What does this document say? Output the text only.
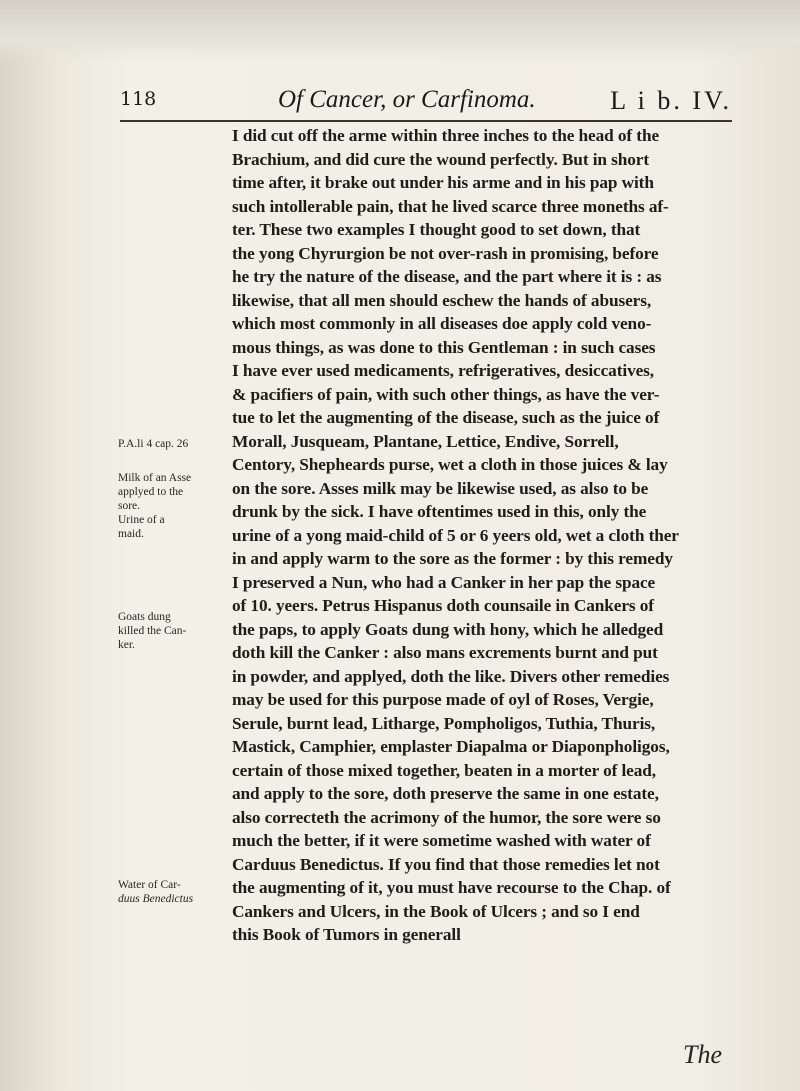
118	Of Cancer, or Carfinoma.	L i b. IV.
I did cut off the arme within three inches to the head of the
Brachium, and did cure the wound perfectly. But in short
time after, it brake out under his arme and in his pap with
such intollerable pain, that he lived scarce three moneths af-
ter. These two examples I thought good to set down, that
the yong Chyrurgion be not over-rash in promising, before
he try the nature of the disease, and the part where it is : as
likewise, that all men should eschew the hands of abusers,
which most commonly in all diseases doe apply cold veno-
mous things, as was done to this Gentleman : in such cases
I have ever used medicaments, refrigeratives, desiccatives,
& pacifiers of pain, with such other things, as have the ver-
tue to let the augmenting of the disease, such as the juice of
Morall, Jusqueam, Plantane, Lettice, Endive, Sorrell,
Centory, Shepheards purse, wet a cloth in those juices & lay
on the sore. Asses milk may be likewise used, as also to be
drunk by the sick. I have oftentimes used in this, only the
urine of a yong maid-child of 5 or 6 yeers old, wet a cloth ther
in and apply warm to the sore as the former : by this remedy
I preserved a Nun, who had a Canker in her pap the space
of 10. yeers. Petrus Hispanus doth counsaile in Cankers of
the paps, to apply Goats dung with hony, which he alledged
doth kill the Canker : also mans excrements burnt and put
in powder, and applyed, doth the like. Divers other remedies
may be used for this purpose made of oyl of Roses, Vergie,
Serule, burnt lead, Litharge, Pompholigos, Tuthia, Thuris,
Mastick, Camphier, emplaster Diapalma or Diaponpholigos,
certain of those mixed together, beaten in a morter of lead,
and apply to the sore, doth preserve the same in one estate,
also correcteth the acrimony of the humor, the sore were so
much the better, if it were sometime washed with water of
Carduus Benedictus. If you find that those remedies let not
the augmenting of it, you must have recourse to the Chap. of
Cankers and Ulcers, in the Book of Ulcers ; and so I end
this Book of Tumors in generall
P.A.li 4 cap. 26
Milk of an Asse
applyed to the
sore.
Urine of a
maid.
Goats dung
killed the Can-
ker.
Water of Car-
duus Benedictus
The
